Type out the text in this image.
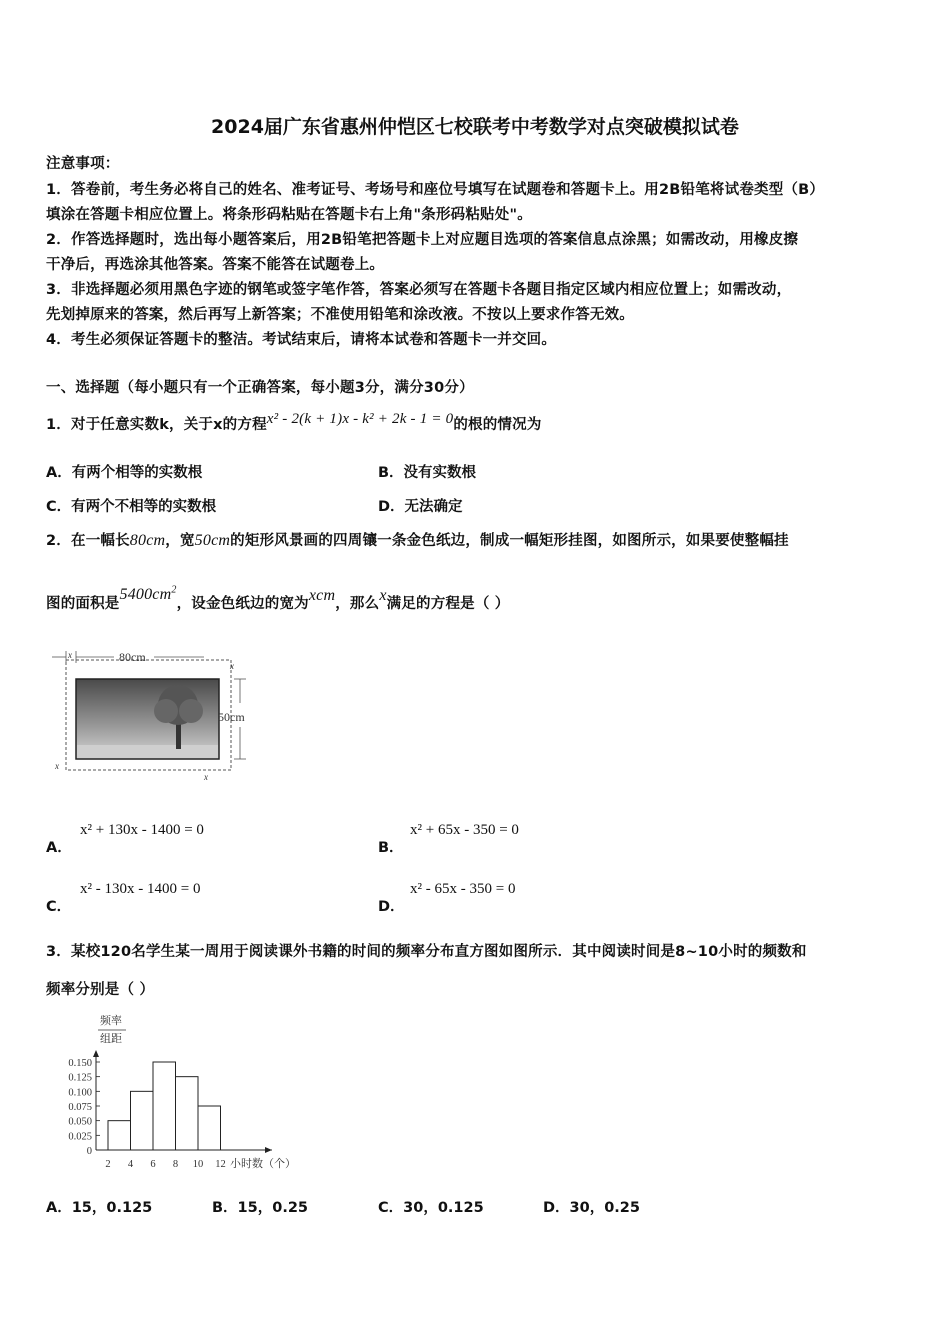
2024届广东省惠州仲恺区七校联考中考数学对点突破模拟试卷
注意事项：
1．答卷前，考生务必将自己的姓名、准考证号、考场号和座位号填写在试题卷和答题卡上。用2B铅笔将试卷类型（B）
填涂在答题卡相应位置上。将条形码粘贴在答题卡右上角"条形码粘贴处"。
2．作答选择题时，选出每小题答案后，用2B铅笔把答题卡上对应题目选项的答案信息点涂黑；如需改动，用橡皮擦
干净后，再选涂其他答案。答案不能答在试题卷上。
3．非选择题必须用黑色字迹的钢笔或签字笔作答，答案必须写在答题卡各题目指定区域内相应位置上；如需改动，
先划掉原来的答案，然后再写上新答案；不准使用铅笔和涂改液。不按以上要求作答无效。
4．考生必须保证答题卡的整洁。考试结束后，请将本试卷和答题卡一并交回。
一、选择题（每小题只有一个正确答案，每小题3分，满分30分）
1．对于任意实数k，关于x的方程x² - 2(k + 1)x - k² + 2k - 1 = 0的根的情况为
A．有两个相等的实数根	B．没有实数根
C．有两个不相等的实数根	D．无法确定
2．在一幅长80cm，宽50cm的矩形风景画的四周镶一条金色纸边，制成一幅矩形挂图，如图所示，如果要使整幅挂
图的面积是$5400cm^2$，设金色纸边的宽为xcm，那么x满足的方程是（ ）
80cm
x
50cm
x
x
x
A．
x² + 130x - 1400 = 0
B．
x² + 65x - 350 = 0
C．
x² - 130x - 1400 = 0
D．
x² - 65x - 350 = 0
3．某校120名学生某一周用于阅读课外书籍的时间的频率分布直方图如图所示．其中阅读时间是8~10小时的频数和
频率分别是（ ）
频率
组距
0
0.025
0.050
0.075
0.100
0.125
0.150
2 4 6 8 10 12 小时数（个）
A．15，0.125	B．15，0.25	C．30，0.125	D．30，0.25
